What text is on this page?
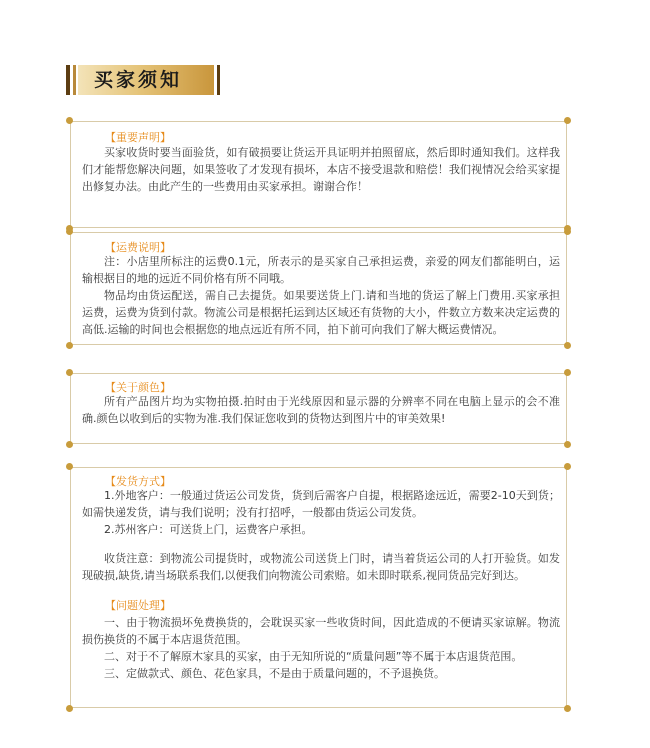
买家须知
【重要声明】
买家收货时要当面验货，如有破损要让货运开具证明并拍照留底，然后即时通知我们。这样我们才能帮您解决问题，如果签收了才发现有损坏，本店不接受退款和赔偿！我们视情况会给买家提出修复办法。由此产生的一些费用由买家承担。谢谢合作！
【运费说明】
注：小店里所标注的运费0.1元，所表示的是买家自己承担运费，亲爱的网友们都能明白，运输根据目的地的远近不同价格有所不同哦。
物品均由货运配送，需自己去提货。如果要送货上门.请和当地的货运了解上门费用.买家承担运费，运费为货到付款。物流公司是根据托运到达区域还有货物的大小，件数立方数来决定运费的高低.运输的时间也会根据您的地点远近有所不同，拍下前可向我们了解大概运费情况。
【关于颜色】
所有产品图片均为实物拍摄.拍时由于光线原因和显示器的分辨率不同在电脑上显示的会不准确.颜色以收到后的实物为准.我们保证您收到的货物达到图片中的审美效果!
【发货方式】
1.外地客户：一般通过货运公司发货，货到后需客户自提，根据路途远近，需要2-10天到货；如需快递发货，请与我们说明；没有打招呼，一般都由货运公司发货。
2.苏州客户：可送货上门，运费客户承担。
收货注意：到物流公司提货时，或物流公司送货上门时，请当着货运公司的人打开验货。如发现破损,缺货,请当场联系我们,以便我们向物流公司索赔。如未即时联系,视同货品完好到达。
【问题处理】
一、由于物流损坏免费换货的，会耽误买家一些收货时间，因此造成的不便请买家谅解。物流损伤换货的不属于本店退货范围。
二、对于不了解原木家具的买家，由于无知所说的“质量问题”等不属于本店退货范围。
三、定做款式、颜色、花色家具，不是由于质量问题的，不予退换货。
